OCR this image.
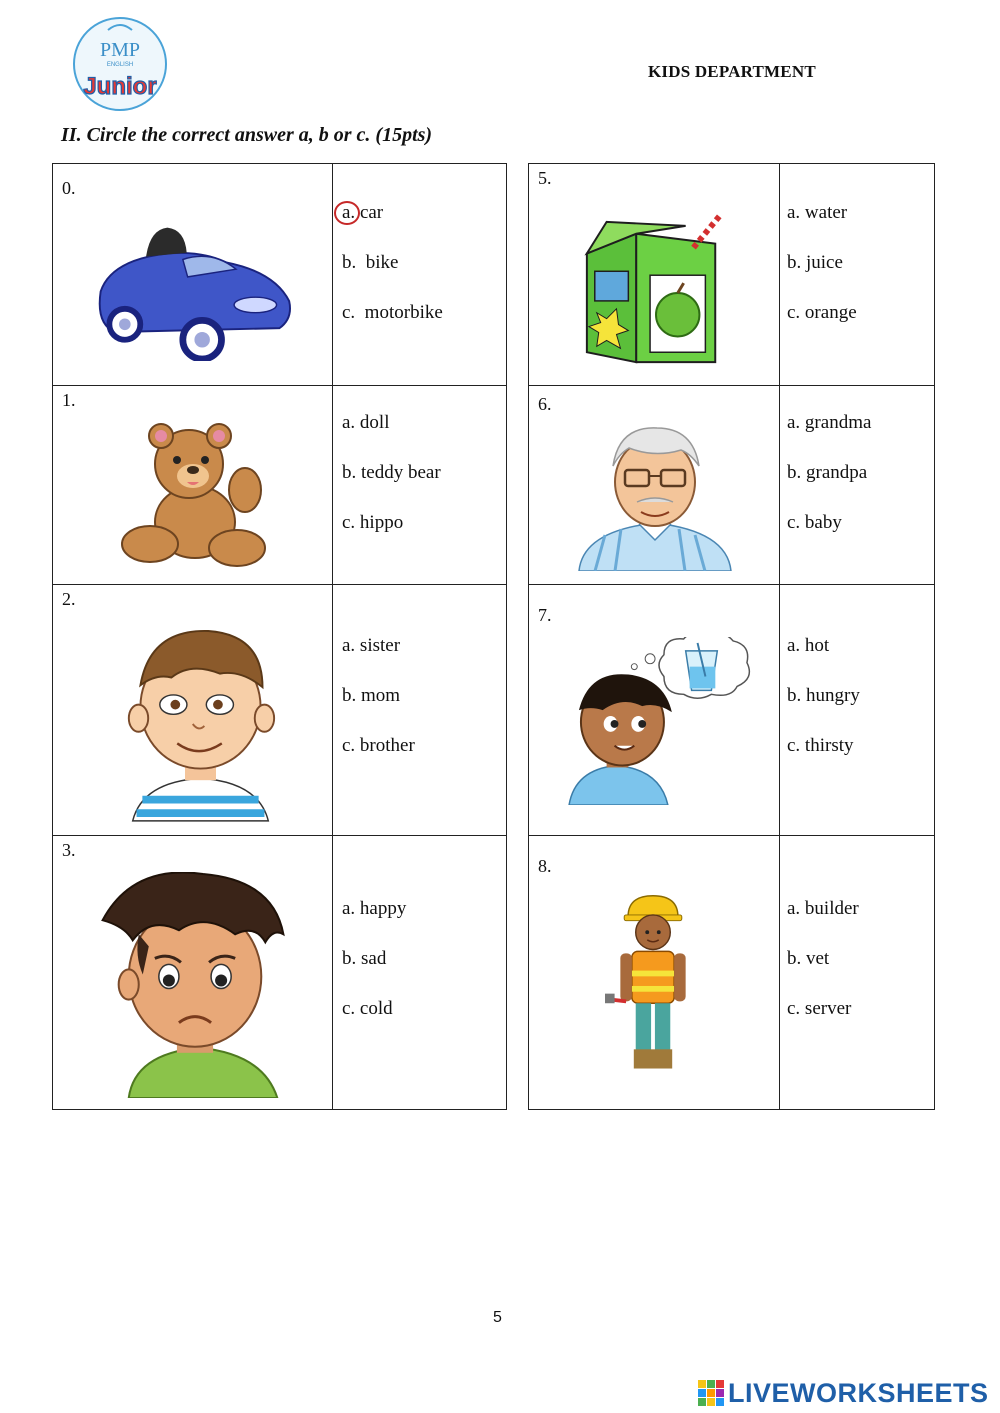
PMP
ENGLISH
Junior
KIDS DEPARTMENT
II. Circle the correct answer a, b or c. (15pts)
0.
a. car
b.  bike
c.  motorbike
1.
a. doll
b. teddy bear
c. hippo
2.
a. sister
b. mom
c. brother
3.
a. happy
b. sad
c. cold
5.
a. water
b. juice
c. orange
6.
a. grandma
b. grandpa
c. baby
7.
a. hot
b. hungry
c. thirsty
8.
a. builder
b. vet
c. server
5
LIVEWORKSHEETS
